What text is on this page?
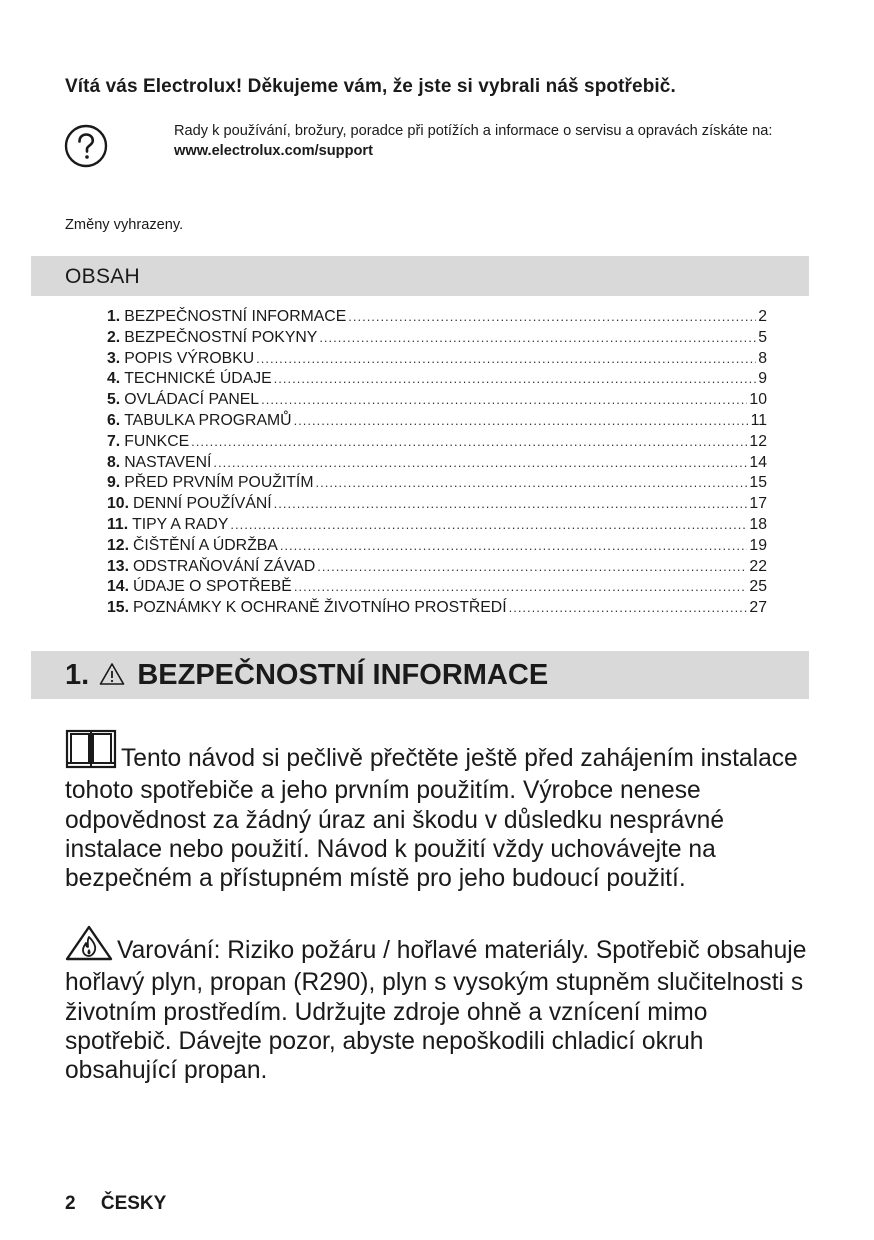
Vítá vás Electrolux! Děkujeme vám, že jste si vybrali náš spotřebič.
Rady k používání, brožury, poradce při potížích a informace o servisu a opravách získáte na:
www.electrolux.com/support
Změny vyhrazeny.
OBSAH
1. BEZPEČNOSTNÍ INFORMACE .....	2
2. BEZPEČNOSTNÍ POKYNY .....	5
3. POPIS VÝROBKU .....	8
4. TECHNICKÉ ÚDAJE .....	9
5. OVLÁDACÍ PANEL .....	10
6. TABULKA PROGRAMŮ .....	11
7. FUNKCE .....	12
8. NASTAVENÍ .....	14
9. PŘED PRVNÍM POUŽITÍM .....	15
10. DENNÍ POUŽÍVÁNÍ .....	17
11. TIPY A RADY .....	18
12. ČIŠTĚNÍ A ÚDRŽBA .....	19
13. ODSTRAŇOVÁNÍ ZÁVAD .....	22
14. ÚDAJE O SPOTŘEBĚ .....	25
15. POZNÁMKY K OCHRANĚ ŽIVOTNÍHO PROSTŘEDÍ .....	27
1. BEZPEČNOSTNÍ INFORMACE
Tento návod si pečlivě přečtěte ještě před zahájením instalace tohoto spotřebiče a jeho prvním použitím. Výrobce nenese odpovědnost za žádný úraz ani škodu v důsledku nesprávné instalace nebo použití. Návod k použití vždy uchovávejte na bezpečném a přístupném místě pro jeho budoucí použití.
Varování: Riziko požáru / hořlavé materiály. Spotřebič obsahuje hořlavý plyn, propan (R290), plyn s vysokým stupněm slučitelnosti s životním prostředím. Udržujte zdroje ohně a vznícení mimo spotřebič. Dávejte pozor, abyste nepoškodili chladicí okruh obsahující propan.
2 ČESKY
